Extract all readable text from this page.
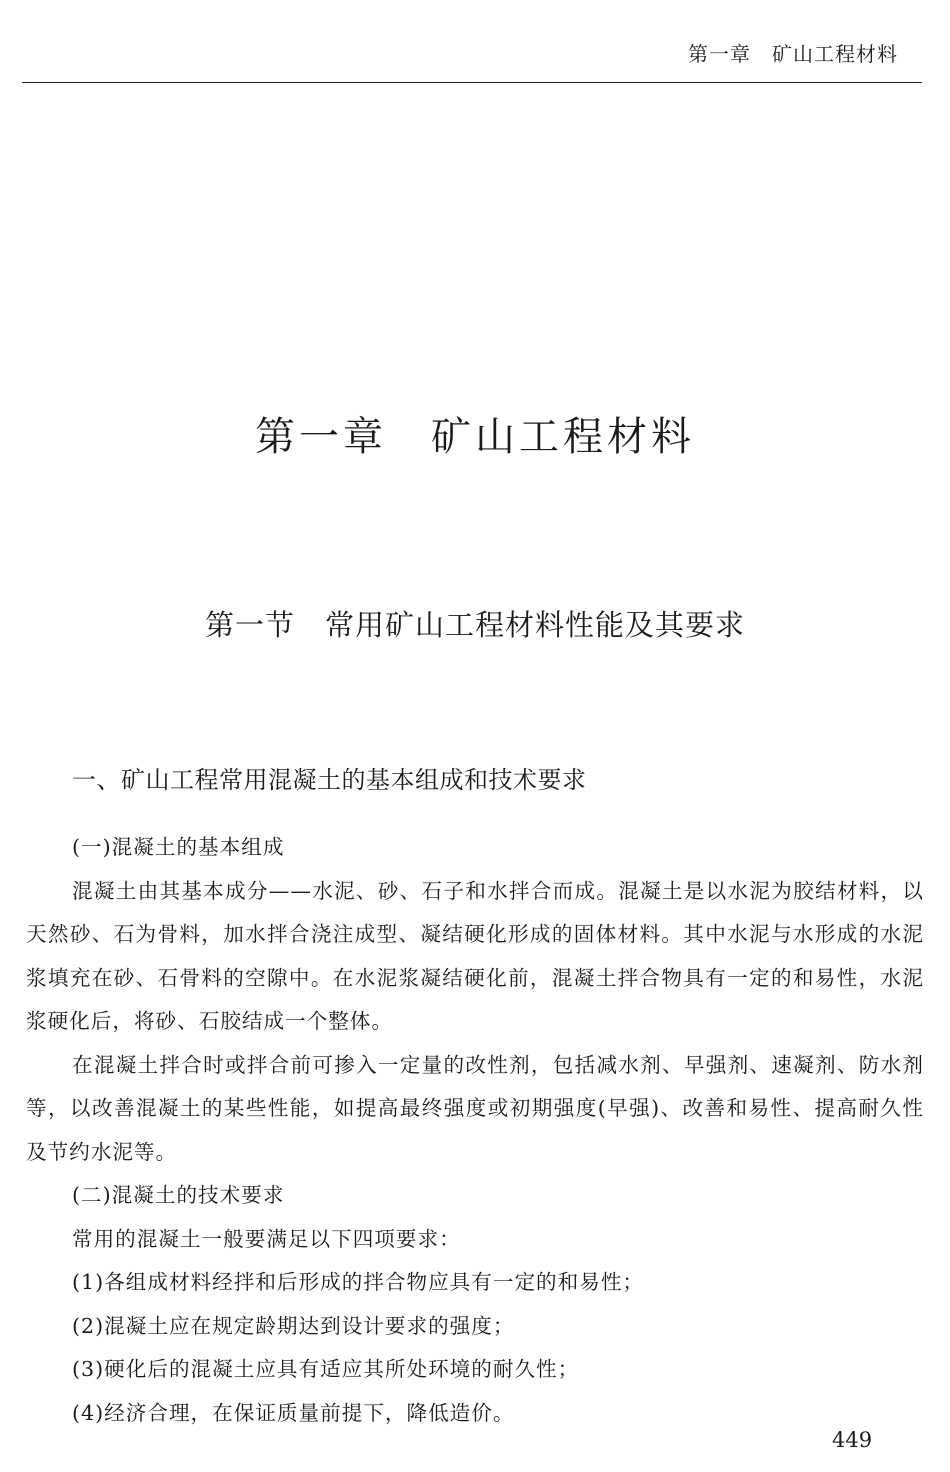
第一章　矿山工程材料
第一章　矿山工程材料
第一节　常用矿山工程材料性能及其要求
一、矿山工程常用混凝土的基本组成和技术要求

(一)混凝土的基本组成

混凝土由其基本成分——水泥、砂、石子和水拌合而成。混凝土是以水泥为胶结材料，以天然砂、石为骨料，加水拌合浇注成型、凝结硬化形成的固体材料。其中水泥与水形成的水泥浆填充在砂、石骨料的空隙中。在水泥浆凝结硬化前，混凝土拌合物具有一定的和易性，水泥浆硬化后，将砂、石胶结成一个整体。

在混凝土拌合时或拌合前可掺入一定量的改性剂，包括减水剂、早强剂、速凝剂、防水剂等，以改善混凝土的某些性能，如提高最终强度或初期强度(早强)、改善和易性、提高耐久性及节约水泥等。

(二)混凝土的技术要求

常用的混凝土一般要满足以下四项要求：

(1)各组成材料经拌和后形成的拌合物应具有一定的和易性；

(2)混凝土应在规定龄期达到设计要求的强度；

(3)硬化后的混凝土应具有适应其所处环境的耐久性；

(4)经济合理，在保证质量前提下，降低造价。

449
